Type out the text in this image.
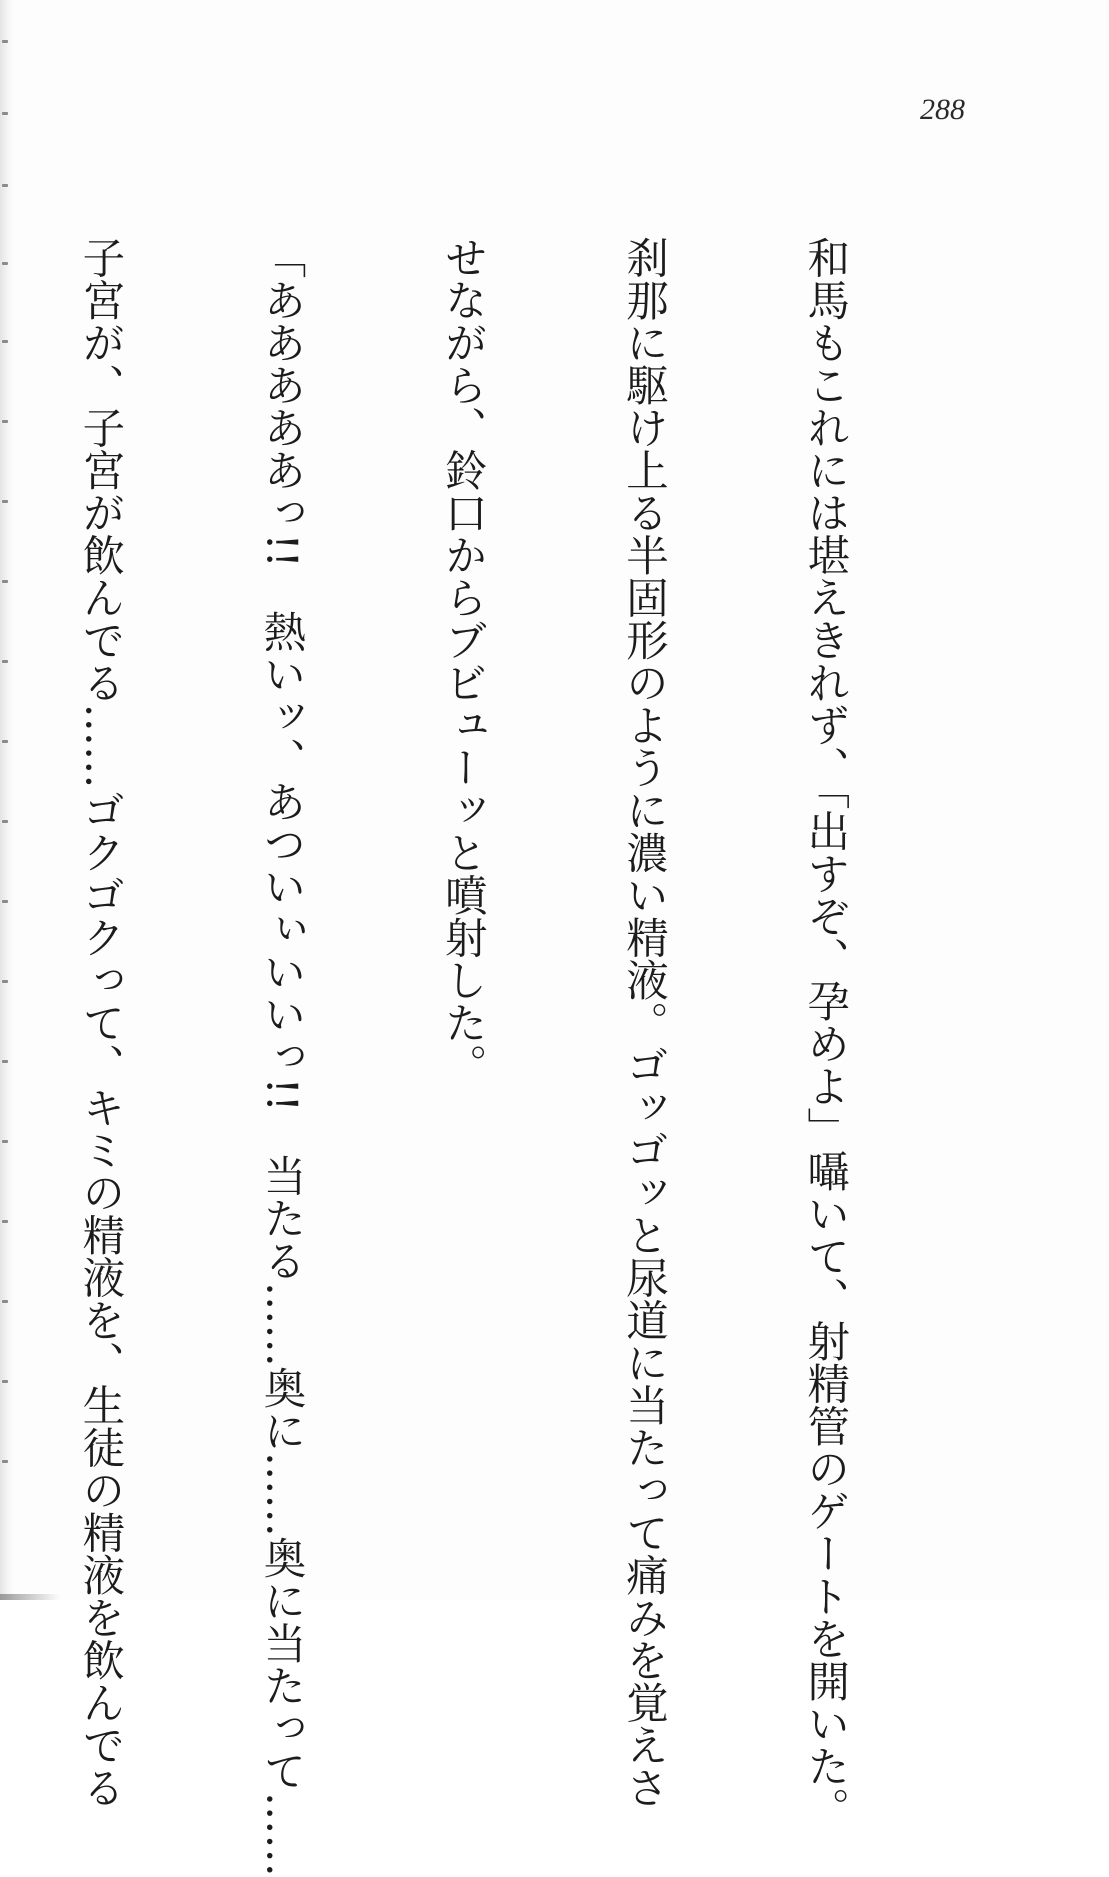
288

和馬もこれには堪えきれず、「出すぞ、孕めよ」囁いて、射精管のゲートを開いた。

刹那に駆け上る半固形のように濃い精液。ゴッゴッと尿道に当たって痛みを覚えさ

せながら、鈴口からブビューッと噴射した。

「あああああっ!!　熱いッ、あついぃいいっ!!　当たる……奥に……奥に当たって……

子宮が、子宮が飲んでる……ゴクゴクって、キミの精液を、生徒の精液を飲んでる
